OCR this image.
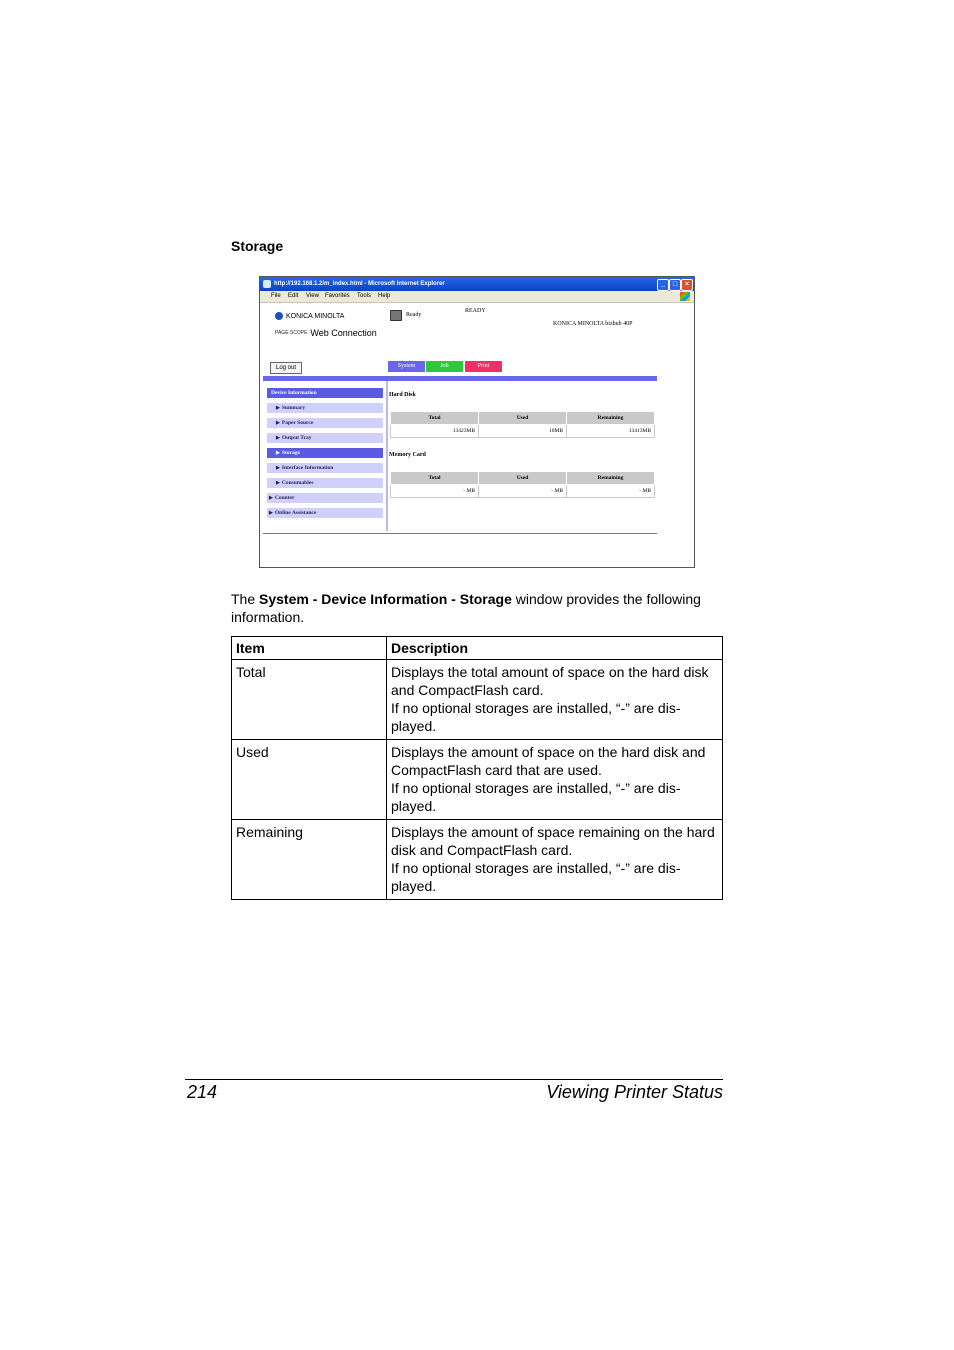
Storage
http://192.168.1.2/m_index.html - Microsoft Internet Explorer	_	□	×
File Edit View Favorites Tools Help
KONICA MINOLTA
PAGE SCOPE Web Connection
Ready
READY
KONICA MINOLTA bizhub 40P
Log out	System	Job	Print
Device Information
▶ Summary
▶ Paper Source
▶ Output Tray
▶ Storage
▶ Interface Information
▶ Consumables
▶ Counter
▶ Online Assistance
Hard Disk
Total	Used	Remaining
13423MB	10MB	13413MB
Memory Card
Total	Used	Remaining
- MB	- MB	- MB
The System - Device Information - Storage window provides the following information.
Item	Description
Total	Displays the total amount of space on the hard disk and CompactFlash card.
If no optional storages are installed, “-” are dis-played.

Used	Displays the amount of space on the hard disk and CompactFlash card that are used.
If no optional storages are installed, “-” are dis-played.

Remaining	Displays the amount of space remaining on the hard disk and CompactFlash card.
If no optional storages are installed, “-” are dis-played.
214	Viewing Printer Status
